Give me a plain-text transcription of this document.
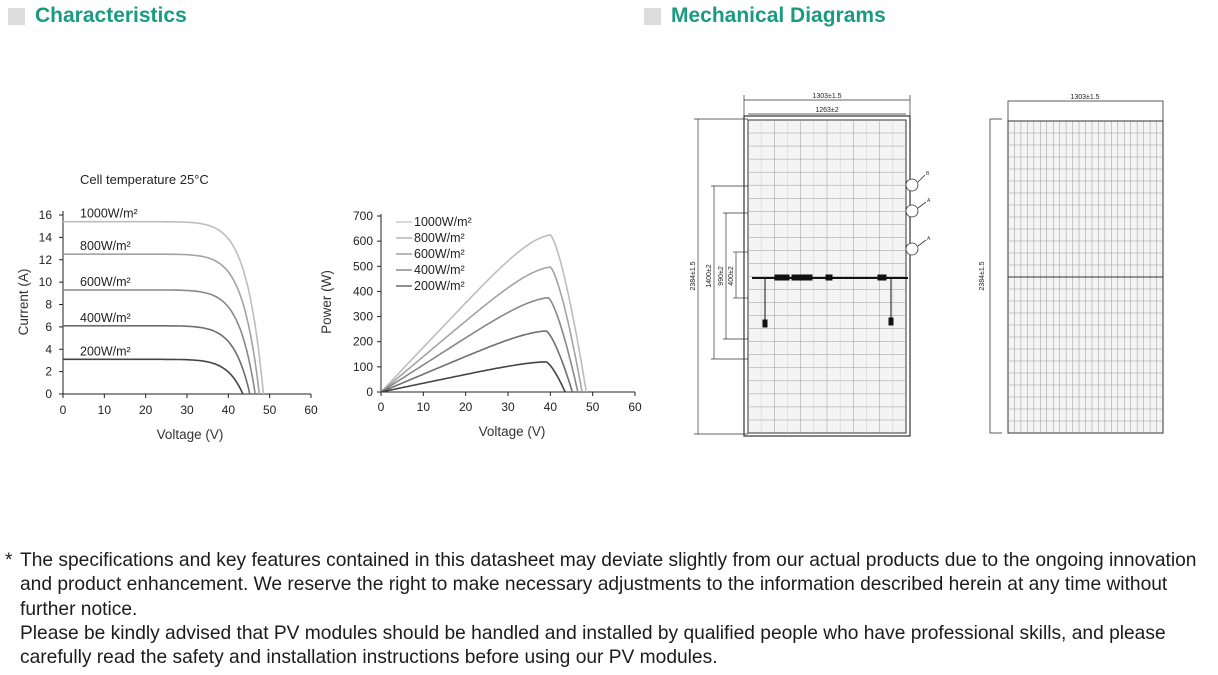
Characteristics	Mechanical Diagrams
Cell temperature 25°C
0
2
4
6
8
10
12
14
16
0	10 20 30 40 50 60
1000W/m²
800W/m²
600W/m²
400W/m²
200W/m²
Voltage (V)
Current (A)
0
100
200
300
400
500
600
700
0	10 20 30 40 50 60
1000W/m²
800W/m²
600W/m²
400W/m²
200W/m²
Voltage (V)
Power (W)
1303±1.5
1263±2
2384±1.5 1400±2 990±2 400±2
B
A
A
1303±1.5
2384±1.5
* The specifications and key features contained in this datasheet may deviate slightly from our actual products due to the ongoing innovation and product enhancement. We reserve the right to make necessary adjustments to the information described herein at any time without further notice.
Please be kindly advised that PV modules should be handled and installed by qualified people who have professional skills, and please carefully read the safety and installation instructions before using our PV modules.
